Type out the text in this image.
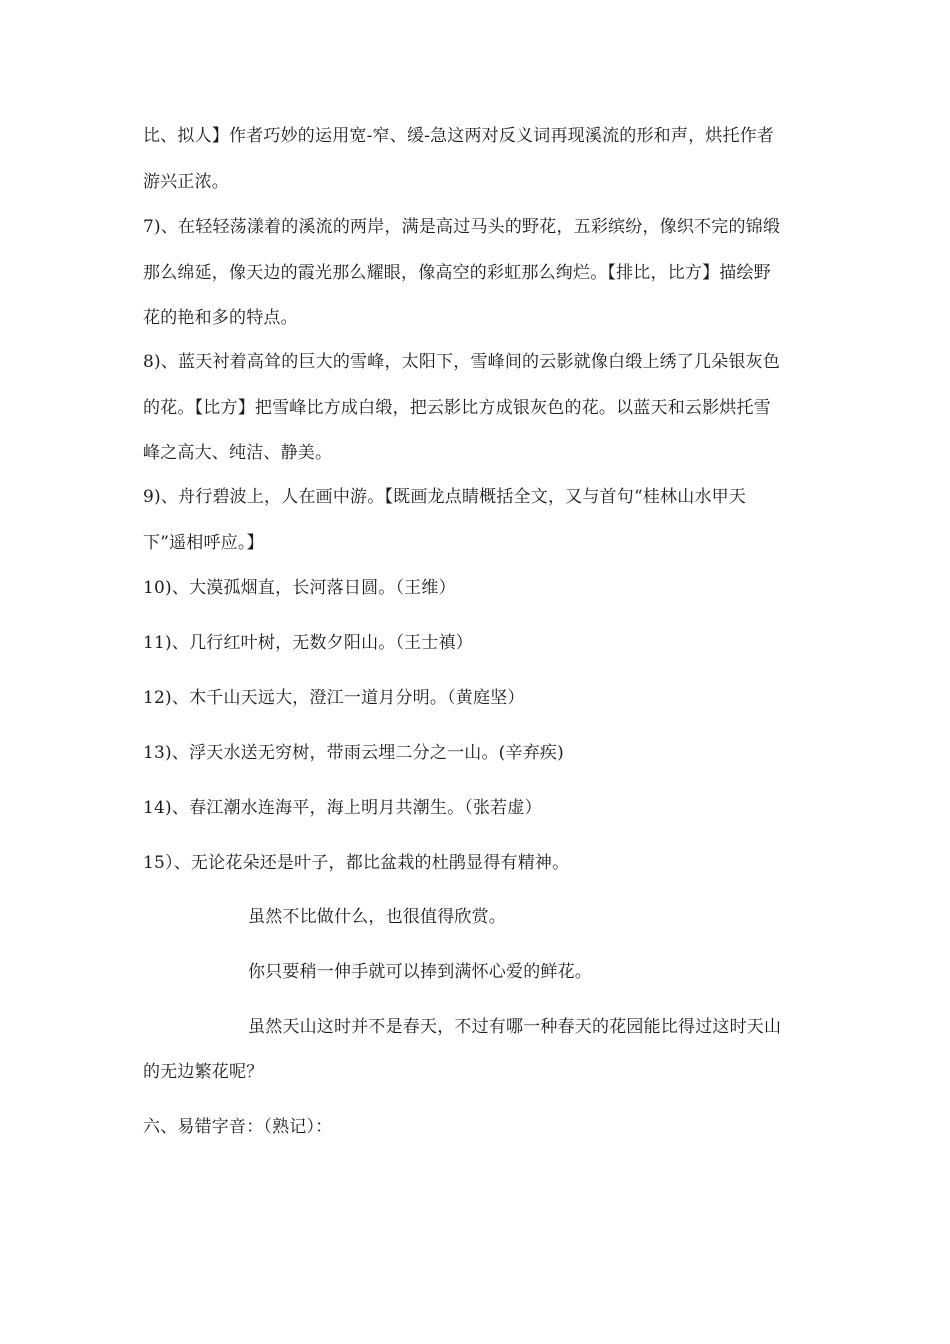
比、拟人】作者巧妙的运用宽-窄、缓-急这两对反义词再现溪流的形和声，烘托作者
游兴正浓。
7)、在轻轻荡漾着的溪流的两岸，满是高过马头的野花，五彩缤纷，像织不完的锦缎
那么绵延，像天边的霞光那么耀眼，像高空的彩虹那么绚烂。【排比，比方】描绘野
花的艳和多的特点。
8)、蓝天衬着高耸的巨大的雪峰，太阳下，雪峰间的云影就像白缎上绣了几朵银灰色
的花。【比方】把雪峰比方成白缎，把云影比方成银灰色的花。以蓝天和云影烘托雪
峰之高大、纯洁、静美。
9)、舟行碧波上，人在画中游。【既画龙点睛概括全文，又与首句“桂林山水甲天
下”遥相呼应。】
10)、大漠孤烟直，长河落日圆。（王维）
11)、几行红叶树，无数夕阳山。（王士禛）
12)、木千山天远大，澄江一道月分明。（黄庭坚）
13)、浮天水送无穷树，带雨云埋二分之一山。(辛弃疾)
14)、春江潮水连海平，海上明月共潮生。（张若虚）
15）、无论花朵还是叶子，都比盆栽的杜鹃显得有精神。
虽然不比做什么，也很值得欣赏。
你只要稍一伸手就可以捧到满怀心爱的鲜花。
虽然天山这时并不是春天，不过有哪一种春天的花园能比得过这时天山
的无边繁花呢？
六、易错字音：（熟记）：
